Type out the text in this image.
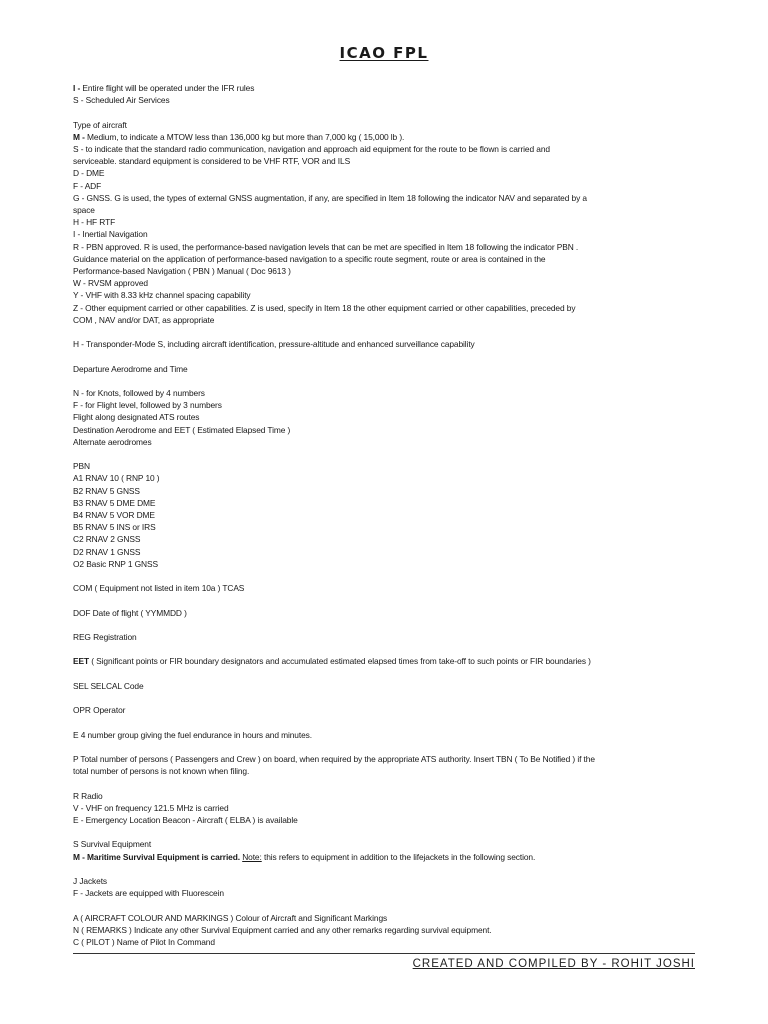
ICAO FPL

I - Entire flight will be operated under the IFR rules

S - Scheduled Air Services

Type of aircraft

M - Medium, to indicate a MTOW less than 136,000 kg but more than 7,000 kg ( 15,000 lb ).

S - to indicate that the standard radio communication, navigation and approach aid equipment for the route to be flown is carried and

serviceable. standard equipment is considered to be VHF RTF, VOR and ILS

D - DME

F - ADF

G - GNSS. G is used, the types of external GNSS augmentation, if any, are specified in Item 18 following the indicator NAV and separated by a

space

H - HF RTF

I - Inertial Navigation

R - PBN approved. R is used, the performance-based navigation levels that can be met are specified in Item 18 following the indicator PBN .

Guidance material on the application of performance-based navigation to a specific route segment, route or area is contained in the

Performance-based Navigation ( PBN ) Manual ( Doc 9613 )

W - RVSM approved

Y - VHF with 8.33 kHz channel spacing capability

Z - Other equipment carried or other capabilities. Z is used, specify in Item 18 the other equipment carried or other capabilities, preceded by

COM , NAV and/or DAT, as appropriate

H - Transponder-Mode S, including aircraft identification, pressure-altitude and enhanced surveillance capability

Departure Aerodrome and Time

N - for Knots, followed by 4 numbers

F - for Flight level, followed by 3 numbers

Flight along designated ATS routes

Destination Aerodrome and EET ( Estimated Elapsed Time )

Alternate aerodromes

PBN

A1 RNAV 10 ( RNP 10 )

B2 RNAV 5 GNSS

B3 RNAV 5 DME DME

B4 RNAV 5 VOR DME

B5 RNAV 5 INS or IRS

C2 RNAV 2 GNSS

D2 RNAV 1 GNSS

O2 Basic RNP 1 GNSS

COM ( Equipment not listed in item 10a ) TCAS

DOF Date of flight ( YYMMDD )

REG Registration

EET ( Significant points or FIR boundary designators and accumulated estimated elapsed times from take-off to such points or FIR boundaries )

SEL SELCAL Code

OPR Operator

E 4 number group giving the fuel endurance in hours and minutes.

P Total number of persons ( Passengers and Crew ) on board, when required by the appropriate ATS authority. Insert TBN ( To Be Notified ) if the

total number of persons is not known when filing.

R Radio

V - VHF on frequency 121.5 MHz is carried

E - Emergency Location Beacon - Aircraft ( ELBA ) is available

S Survival Equipment

M - Maritime Survival Equipment is carried. Note: this refers to equipment in addition to the lifejackets in the following section.

J Jackets

F - Jackets are equipped with Fluorescein

A ( AIRCRAFT COLOUR AND MARKINGS ) Colour of Aircraft and Significant Markings

N ( REMARKS ) Indicate any other Survival Equipment carried and any other remarks regarding survival equipment.

C ( PILOT ) Name of Pilot In Command

CREATED AND COMPILED BY - ROHIT JOSHI
